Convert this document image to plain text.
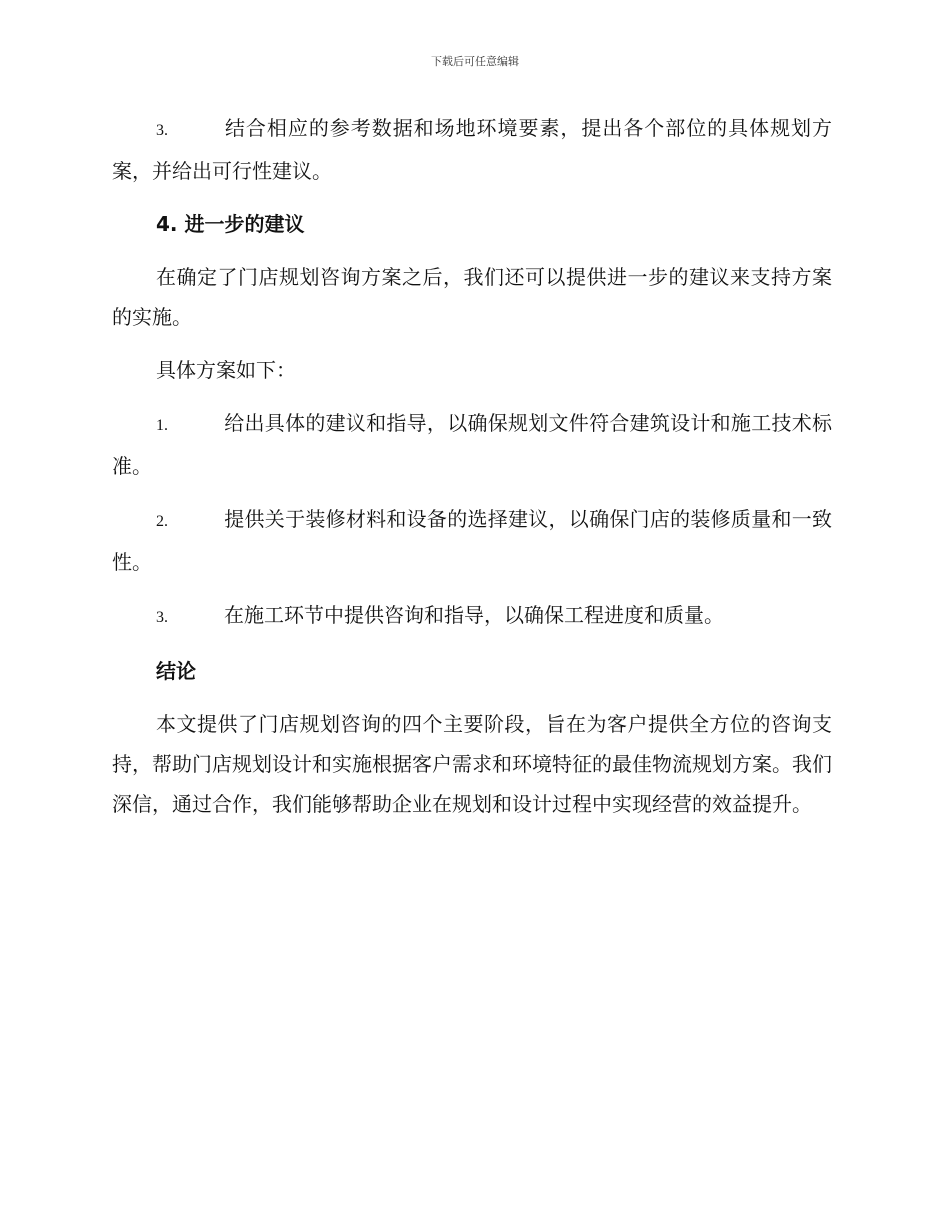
下载后可任意编辑

3.	结合相应的参考数据和场地环境要素，提出各个部位的具体规划方案，并给出可行性建议。

4. 进一步的建议

在确定了门店规划咨询方案之后，我们还可以提供进一步的建议来支持方案的实施。

具体方案如下：

1.	给出具体的建议和指导，以确保规划文件符合建筑设计和施工技术标准。

2.	提供关于装修材料和设备的选择建议，以确保门店的装修质量和一致性。

3.	在施工环节中提供咨询和指导，以确保工程进度和质量。

结论

本文提供了门店规划咨询的四个主要阶段，旨在为客户提供全方位的咨询支持，帮助门店规划设计和实施根据客户需求和环境特征的最佳物流规划方案。我们深信，通过合作，我们能够帮助企业在规划和设计过程中实现经营的效益提升。
